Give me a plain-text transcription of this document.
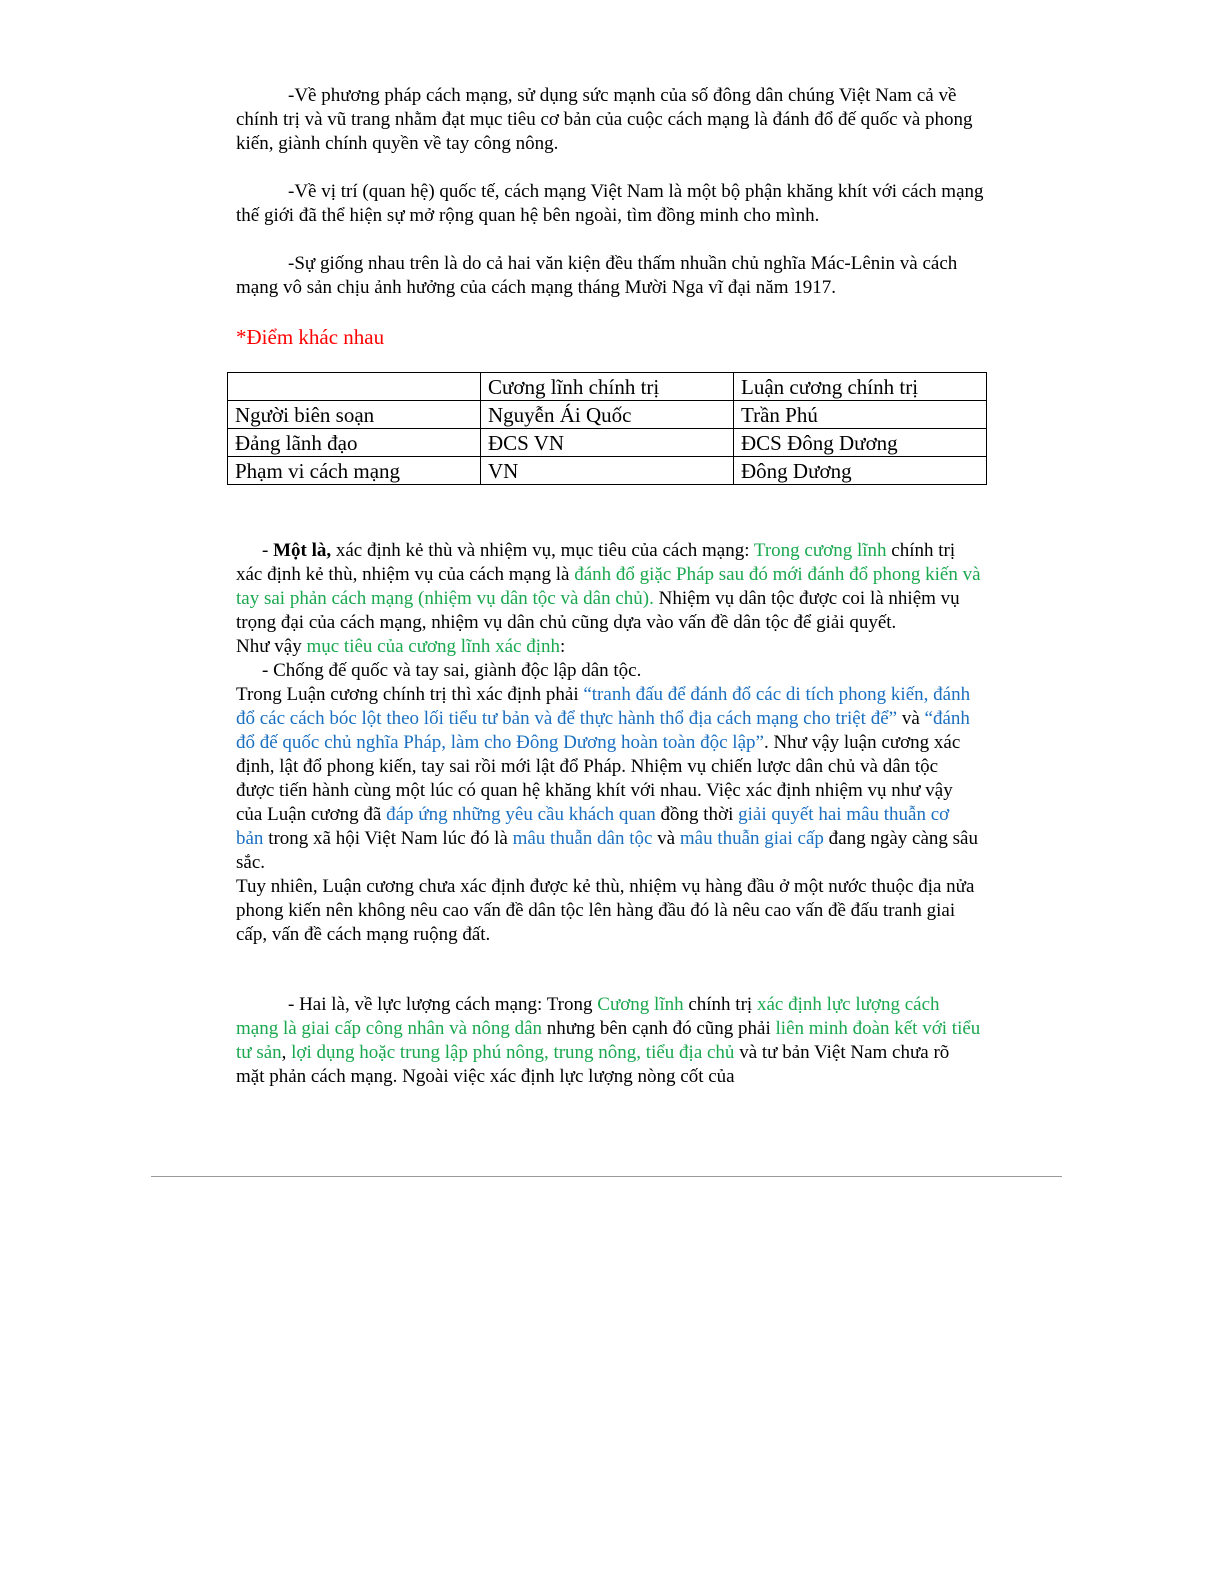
-Về phương pháp cách mạng, sử dụng sức mạnh của số đông dân chúng Việt Nam cả về chính trị và vũ trang nhằm đạt mục tiêu cơ bản của cuộc cách mạng là đánh đổ đế quốc và phong kiến, giành chính quyền về tay công nông.

-Về vị trí (quan hệ) quốc tế, cách mạng Việt Nam là một bộ phận khăng khít với cách mạng thế giới đã thể hiện sự mở rộng quan hệ bên ngoài, tìm đồng minh cho mình.

-Sự giống nhau trên là do cả hai văn kiện đều thấm nhuần chủ nghĩa Mác-Lênin và cách mạng vô sản chịu ảnh hưởng của cách mạng tháng Mười Nga vĩ đại năm 1917.

*Điểm khác nhau

	Cương lĩnh chính trị	Luận cương chính trị
Người biên soạn	Nguyễn Ái Quốc	Trần Phú
Đảng lãnh đạo	ĐCS VN	ĐCS Đông Dương
Phạm vi cách mạng	VN	Đông Dương

- Một là, xác định kẻ thù và nhiệm vụ, mục tiêu của cách mạng: Trong cương lĩnh chính trị xác định kẻ thù, nhiệm vụ của cách mạng là đánh đổ giặc Pháp sau đó mới đánh đổ phong kiến và tay sai phản cách mạng (nhiệm vụ dân tộc và dân chủ). Nhiệm vụ dân tộc được coi là nhiệm vụ trọng đại của cách mạng, nhiệm vụ dân chủ cũng dựa vào vấn đề dân tộc để giải quyết.

Như vậy mục tiêu của cương lĩnh xác định:

- Chống đế quốc và tay sai, giành độc lập dân tộc.

Trong Luận cương chính trị thì xác định phải “tranh đấu để đánh đổ các di tích phong kiến, đánh đổ các cách bóc lột theo lối tiểu tư bản và để thực hành thổ địa cách mạng cho triệt để” và “đánh đổ đế quốc chủ nghĩa Pháp, làm cho Đông Dương hoàn toàn độc lập”. Như vậy luận cương xác định, lật đổ phong kiến, tay sai rồi mới lật đổ Pháp. Nhiệm vụ chiến lược dân chủ và dân tộc được tiến hành cùng một lúc có quan hệ khăng khít với nhau. Việc xác định nhiệm vụ như vậy của Luận cương đã đáp ứng những yêu cầu khách quan đồng thời giải quyết hai mâu thuẫn cơ bản trong xã hội Việt Nam lúc đó là mâu thuẫn dân tộc và mâu thuẫn giai cấp đang ngày càng sâu sắc.

Tuy nhiên, Luận cương chưa xác định được kẻ thù, nhiệm vụ hàng đầu ở một nước thuộc địa nửa phong kiến nên không nêu cao vấn đề dân tộc lên hàng đầu đó là nêu cao vấn đề đấu tranh giai cấp, vấn đề cách mạng ruộng đất.

- Hai là, về lực lượng cách mạng: Trong Cương lĩnh chính trị xác định lực lượng cách mạng là giai cấp công nhân và nông dân nhưng bên cạnh đó cũng phải liên minh đoàn kết với tiểu tư sản, lợi dụng hoặc trung lập phú nông, trung nông, tiểu địa chủ và tư bản Việt Nam chưa rõ mặt phản cách mạng. Ngoài việc xác định lực lượng nòng cốt của
